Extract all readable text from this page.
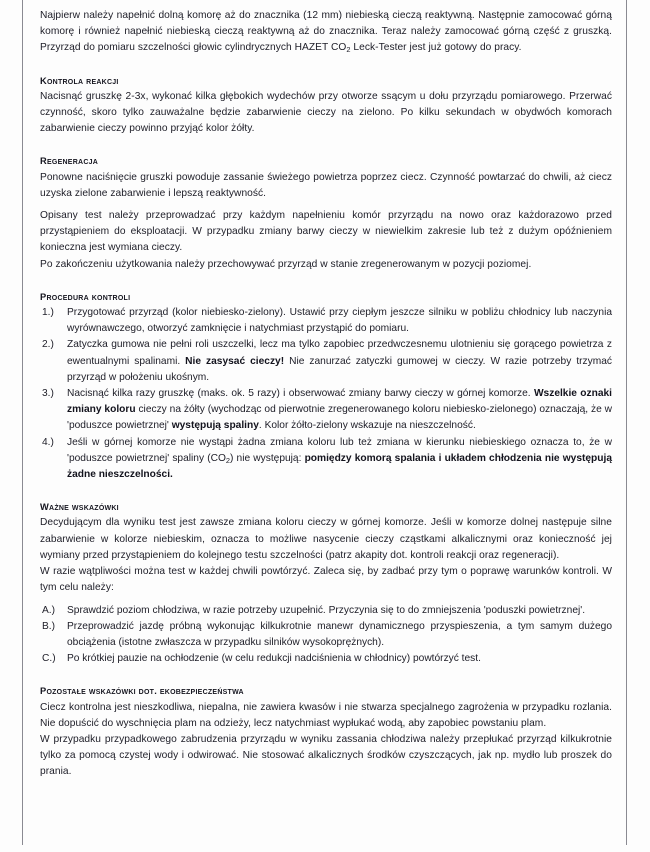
Najpierw należy napełnić dolną komorę aż do znacznika (12 mm) niebieską cieczą reaktywną. Następnie zamocować górną komorę i również napełnić niebieską cieczą reaktywną aż do znacznika. Teraz należy zamocować górną część z gruszką. Przyrząd do pomiaru szczelności głowic cylindrycznych HAZET $CO_2$ Leck-Tester jest już gotowy do pracy.

Kontrola reakcji

Nacisnąć gruszkę 2-3x, wykonać kilka głębokich wydechów przy otworze ssącym u dołu przyrządu pomiarowego. Przerwać czynność, skoro tylko zauważalne będzie zabarwienie cieczy na zielono. Po kilku sekundach w obydwóch komorach zabarwienie cieczy powinno przyjąć kolor żółty.

Regeneracja

Ponowne naciśnięcie gruszki powoduje zassanie świeżego powietrza poprzez ciecz. Czynność powtarzać do chwili, aż ciecz uzyska zielone zabarwienie i lepszą reaktywność.

Opisany test należy przeprowadzać przy każdym napełnieniu komór przyrządu na nowo oraz każdorazowo przed przystąpieniem do eksploatacji. W przypadku zmiany barwy cieczy w niewielkim zakresie lub też z dużym opóźnieniem konieczna jest wymiana cieczy.

Po zakończeniu użytkowania należy przechowywać przyrząd w stanie zregenerowanym w pozycji poziomej.

Procedura kontroli
1.)	Przygotować przyrząd (kolor niebiesko-zielony). Ustawić przy ciepłym jeszcze silniku w pobliżu chłodnicy lub naczynia wyrównawczego, otworzyć zamknięcie i natychmiast przystąpić do pomiaru.
2.)	Zatyczka gumowa nie pełni roli uszczelki, lecz ma tylko zapobiec przedwczesnemu ulotnieniu się gorącego powietrza z ewentualnymi spalinami. Nie zasysać cieczy! Nie zanurzać zatyczki gumowej w cieczy. W razie potrzeby trzymać przyrząd w położeniu ukośnym.
3.)	Nacisnąć kilka razy gruszkę (maks. ok. 5 razy) i obserwować zmiany barwy cieczy w górnej komorze. Wszelkie oznaki zmiany koloru cieczy na żółty (wychodząc od pierwotnie zregenerowanego koloru niebiesko-zielonego) oznaczają, że w 'poduszce powietrznej' występują spaliny. Kolor żółto-zielony wskazuje na nieszczelność.
4.)	Jeśli w górnej komorze nie wystąpi żadna zmiana koloru lub też zmiana w kierunku niebieskiego oznacza to, że w 'poduszce powietrznej' spaliny $(CO_2)$ nie występują: pomiędzy komorą spalania i układem chłodzenia nie występują żadne nieszczelności.
Ważne wskazówki

Decydującym dla wyniku test jest zawsze zmiana koloru cieczy w górnej komorze. Jeśli w komorze dolnej następuje silne zabarwienie w kolorze niebieskim, oznacza to możliwe nasycenie cieczy cząstkami alkalicznymi oraz konieczność jej wymiany przed przystąpieniem do kolejnego testu szczelności (patrz akapity dot. kontroli reakcji oraz regeneracji).

W razie wątpliwości można test w każdej chwili powtórzyć. Zaleca się, by zadbać przy tym o poprawę warunków kontroli. W tym celu należy:

A.)	Sprawdzić poziom chłodziwa, w razie potrzeby uzupełnić. Przyczynia się to do zmniejszenia 'poduszki powietrznej'.
B.)	Przeprowadzić jazdę próbną wykonując kilkukrotnie manewr dynamicznego przyspieszenia, a tym samym dużego obciążenia (istotne zwłaszcza w przypadku silników wysokoprężnych).
C.)	Po krótkiej pauzie na ochłodzenie (w celu redukcji nadciśnienia w chłodnicy) powtórzyć test.
Pozostałe wskazówki dot. ekobezpieczeństwa

Ciecz kontrolna jest nieszkodliwa, niepalna, nie zawiera kwasów i nie stwarza specjalnego zagrożenia w przypadku rozlania. Nie dopuścić do wyschnięcia plam na odzieży, lecz natychmiast wypłukać wodą, aby zapobiec powstaniu plam.

W przypadku przypadkowego zabrudzenia przyrządu w wyniku zassania chłodziwa należy przepłukać przyrząd kilkukrotnie tylko za pomocą czystej wody i odwirować. Nie stosować alkalicznych środków czyszczących, jak np. mydło lub proszek do prania.
